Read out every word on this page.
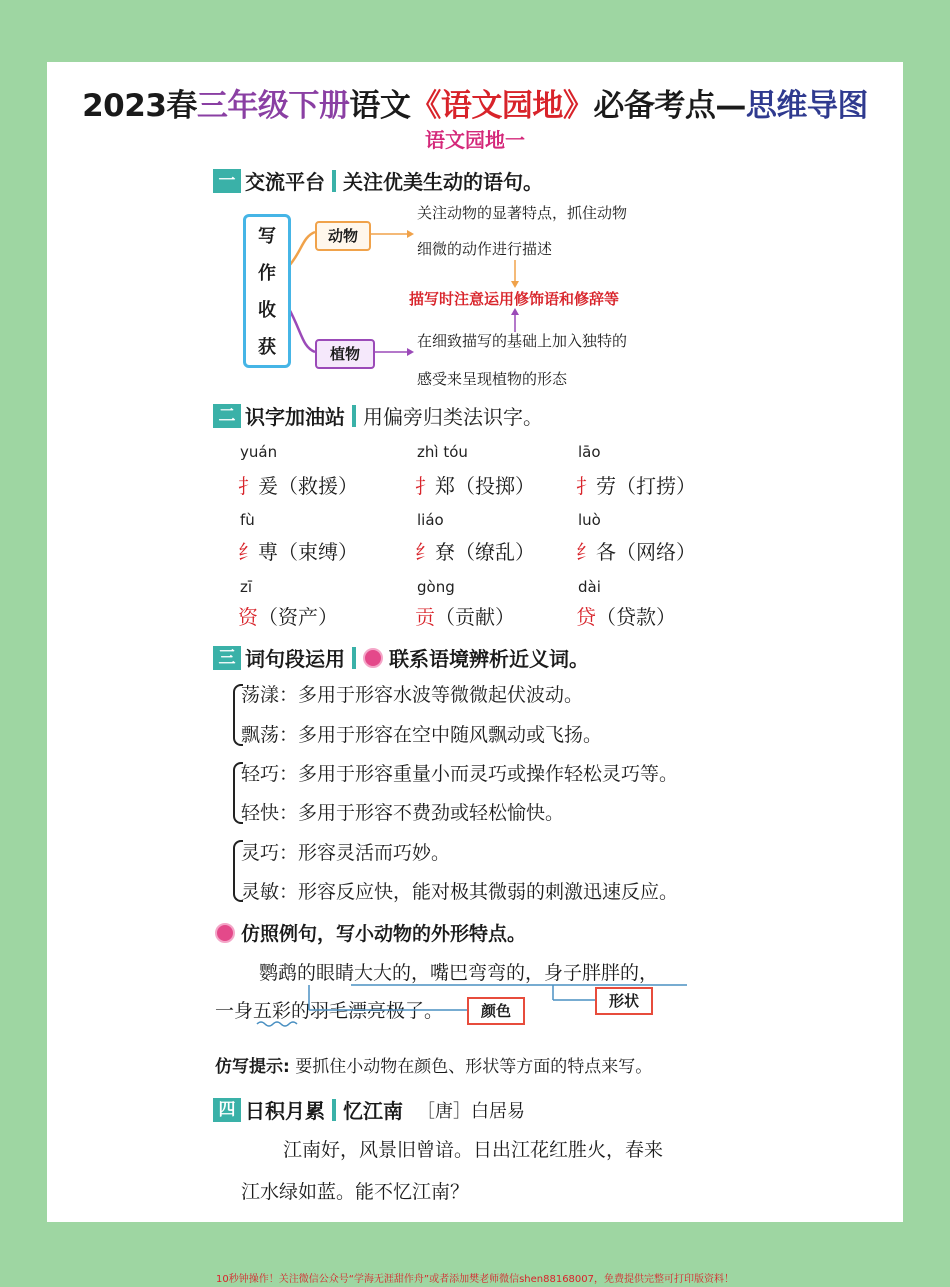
2023春三年级下册语文《语文园地》必备考点—思维导图
语文园地一
一 交流平台 关注优美生动的语句。
写
作
收
获
动物
植物
关注动物的显著特点，抓住动物
细微的动作进行描述
描写时注意运用修饰语和修辞等
在细致描写的基础上加入独特的
感受来呈现植物的形态
二 识字加油站 用偏旁归类法识字。
yuán
扌爰（救援）
zhì tóu
扌郑（投掷）
lāo
扌劳（打捞）
fù
纟尃（束缚）
liáo
纟尞（缭乱）
luò
纟各（网络）
zī
资（资产）
gòng
贡（贡献）
dài
贷（贷款）
三 词句段运用 联系语境辨析近义词。
荡漾：多用于形容水波等微微起伏波动。
飘荡：多用于形容在空中随风飘动或飞扬。
轻巧：多用于形容重量小而灵巧或操作轻松灵巧等。
轻快：多用于形容不费劲或轻松愉快。
灵巧：形容灵活而巧妙。
灵敏：形容反应快，能对极其微弱的刺激迅速反应。
仿照例句，写小动物的外形特点。
鹦鹉的眼睛大大的，嘴巴弯弯的，身子胖胖的，
一身五彩的羽毛漂亮极了。	颜色
形状
仿写提示: 要抓住小动物在颜色、形状等方面的特点来写。
四 日积月累 忆江南 ［唐］白居易
江南好，风景旧曾谙。日出江花红胜火，春来
江水绿如蓝。能不忆江南？
10秒钟操作！关注微信公众号“学海无涯甜作舟”或者添加樊老师微信shen88168007，免费提供完整可打印版资料！
